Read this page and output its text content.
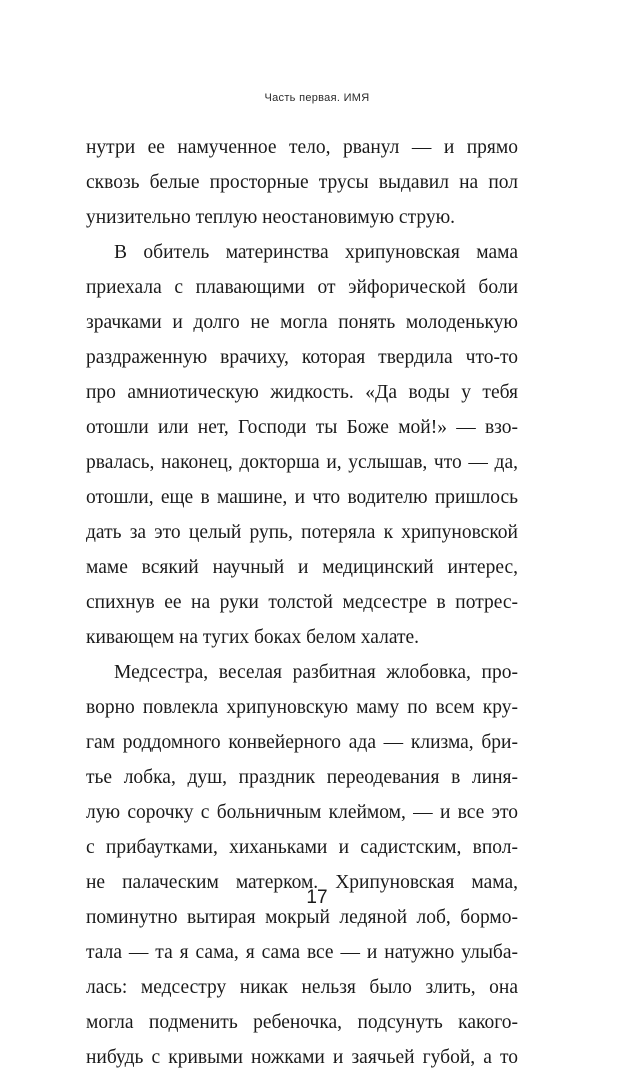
Часть первая. ИМЯ
нутри ее намученное тело, рванул — и прямо
сквозь белые просторные трусы выдавил на пол
унизительно теплую неостановимую струю.
В обитель материнства хрипуновская мама
приехала с плавающими от эйфорической боли
зрачками и долго не могла понять молоденькую
раздраженную врачиху, которая твердила что-то
про амниотическую жидкость. «Да воды у тебя
отошли или нет, Господи ты Боже мой!» — взо-
рвалась, наконец, докторша и, услышав, что — да,
отошли, еще в машине, и что водителю пришлось
дать за это целый рупь, потеряла к хрипуновской
маме всякий научный и медицинский интерес,
спихнув ее на руки толстой медсестре в потрес-
кивающем на тугих боках белом халате.
Медсестра, веселая разбитная жлобовка, про-
ворно повлекла хрипуновскую маму по всем кру-
гам роддомного конвейерного ада — клизма, бри-
тье лобка, душ, праздник переодевания в линя-
лую сорочку с больничным клеймом, — и все это
с прибаутками, хиханьками и садистским, впол-
не палаческим матерком. Хрипуновская мама,
поминутно вытирая мокрый ледяной лоб, бормо-
тала — та я сама, я сама все — и натужно улыба-
лась: медсестру никак нельзя было злить, она
могла подменить ребеночка, подсунуть какого-
нибудь с кривыми ножками и заячьей губой, а то
17
